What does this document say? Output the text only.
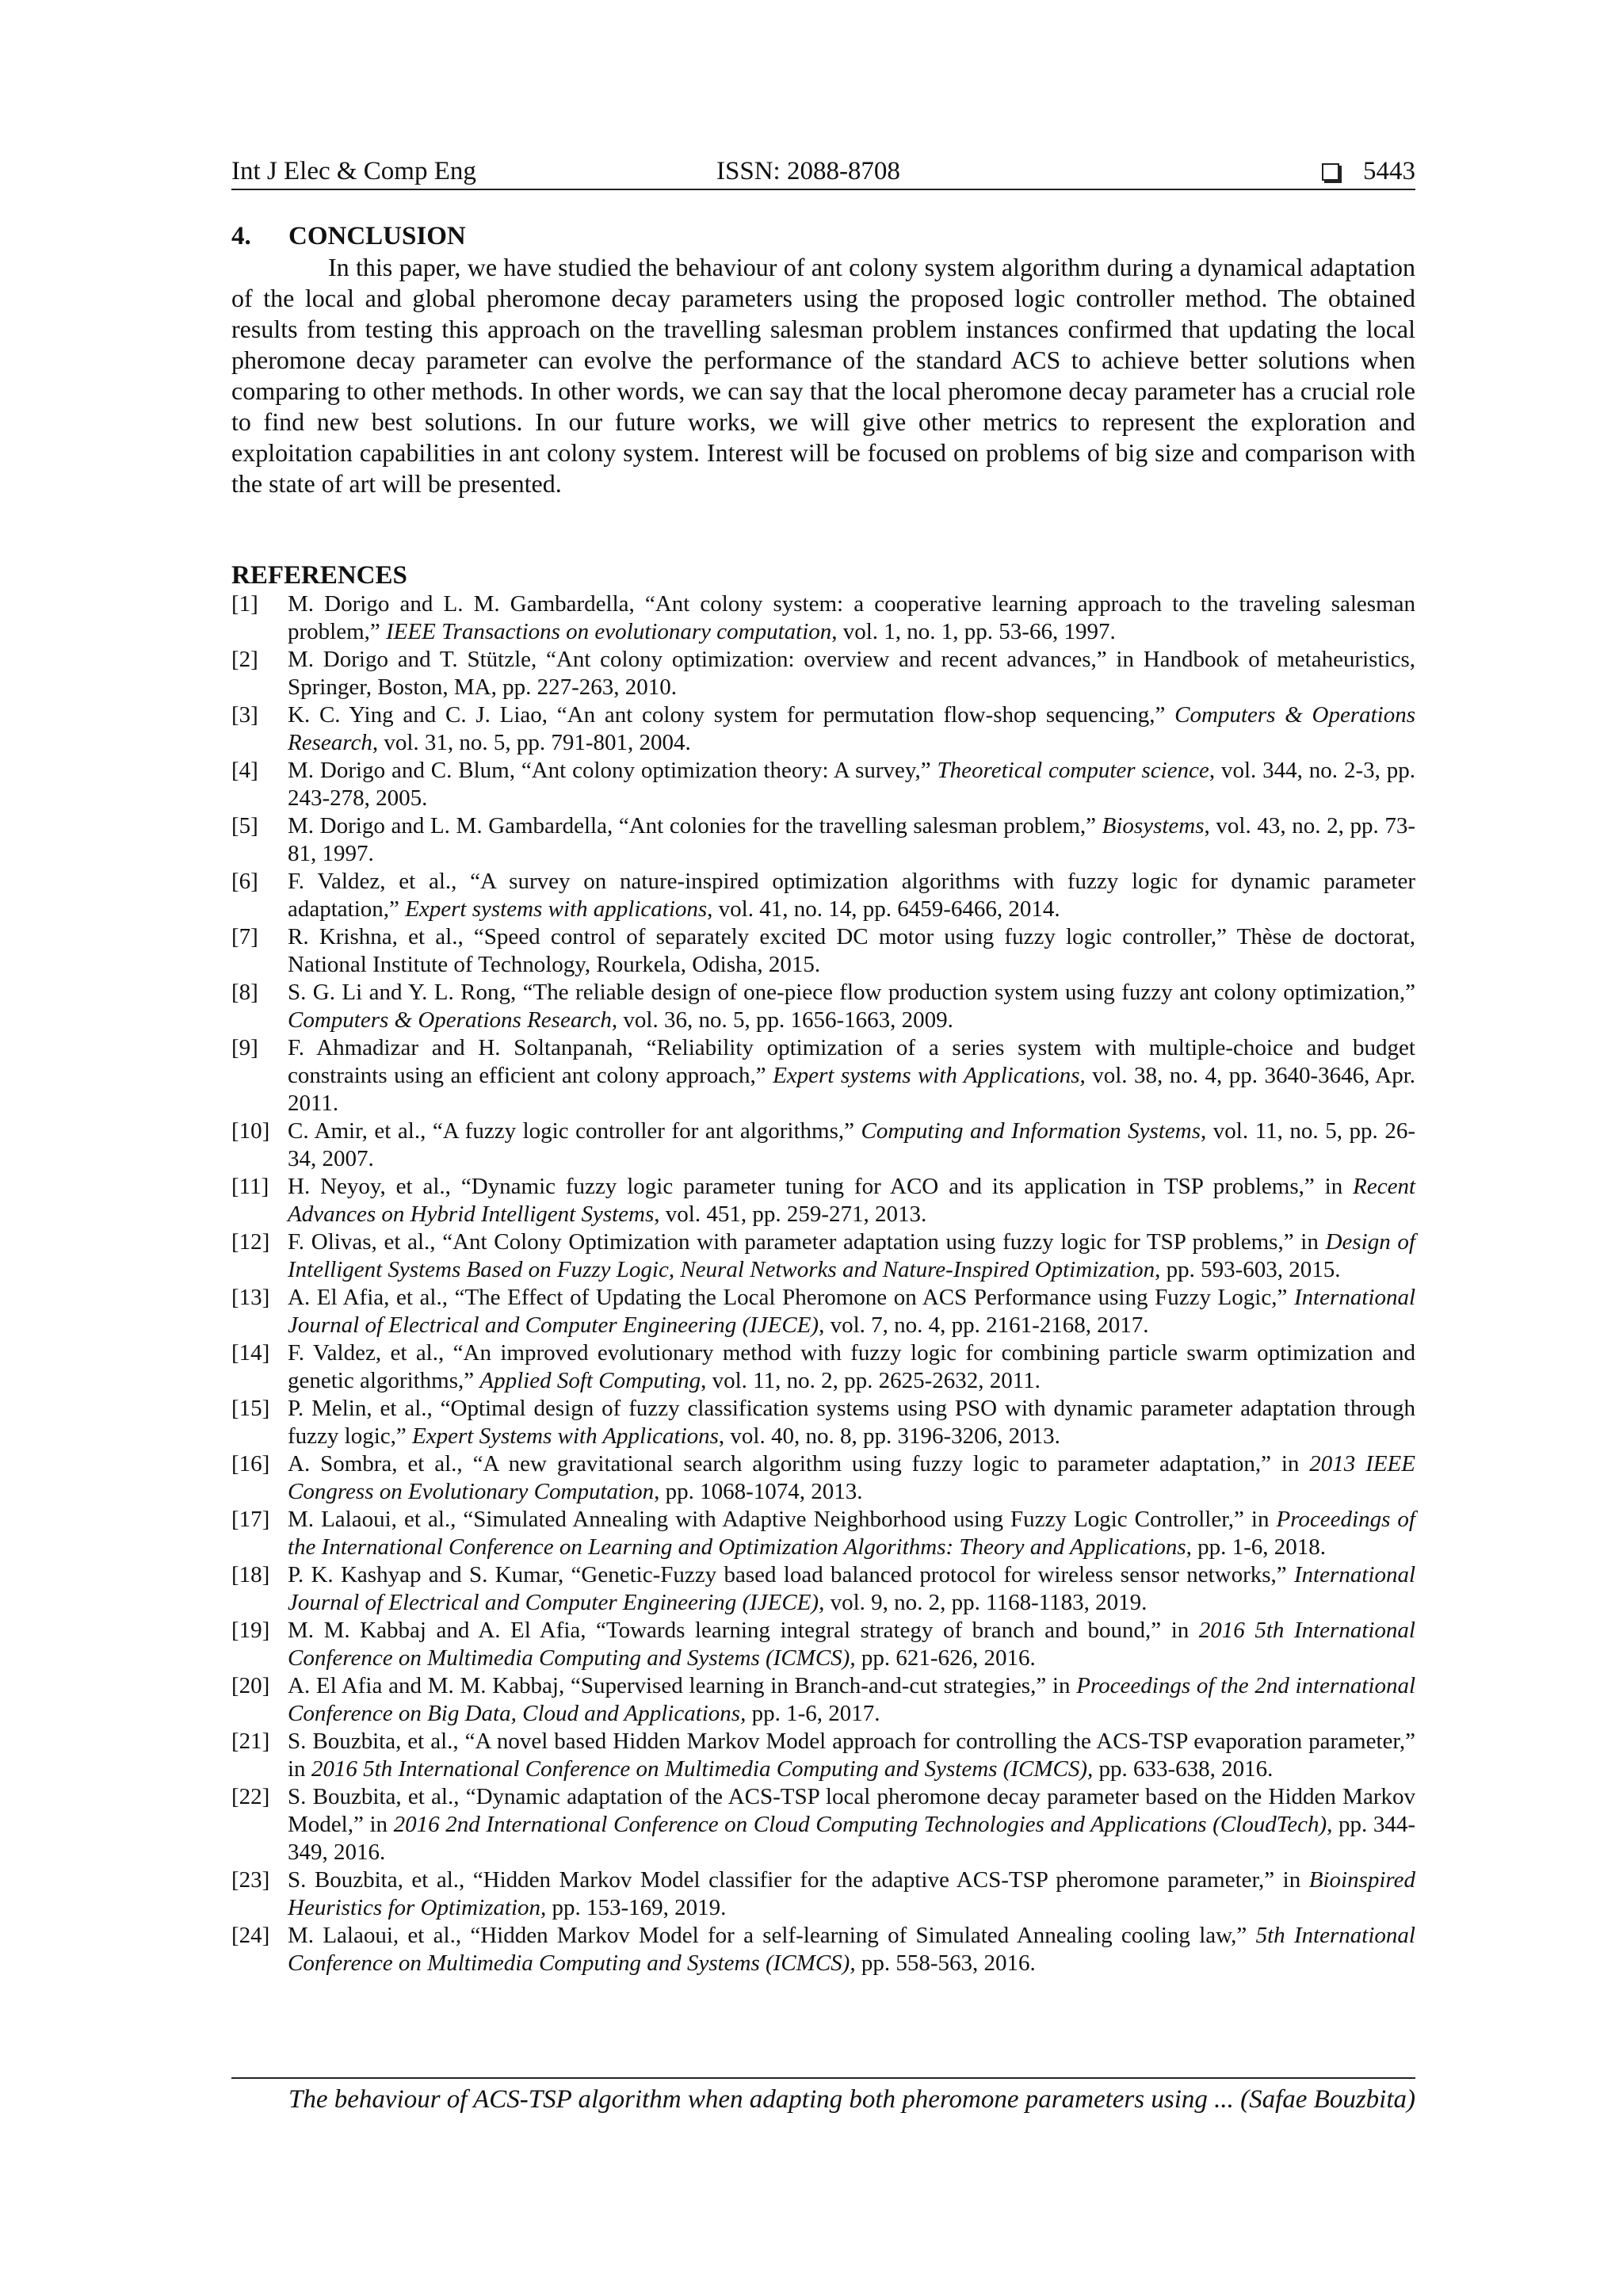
Int J Elec & Comp Eng	ISSN: 2088-8708	5443
4. CONCLUSION

In this paper, we have studied the behaviour of ant colony system algorithm during a dynamical adaptation of the local and global pheromone decay parameters using the proposed logic controller method. The obtained results from testing this approach on the travelling salesman problem instances confirmed that updating the local pheromone decay parameter can evolve the performance of the standard ACS to achieve better solutions when comparing to other methods. In other words, we can say that the local pheromone decay parameter has a crucial role to find new best solutions. In our future works, we will give other metrics to represent the exploration and exploitation capabilities in ant colony system. Interest will be focused on problems of big size and comparison with the state of art will be presented.

REFERENCES
[1] M. Dorigo and L. M. Gambardella, “Ant colony system: a cooperative learning approach to the traveling salesman problem,” IEEE Transactions on evolutionary computation, vol. 1, no. 1, pp. 53-66, 1997.
[2] M. Dorigo and T. Stützle, “Ant colony optimization: overview and recent advances,” in Handbook of metaheuristics, Springer, Boston, MA, pp. 227-263, 2010.
[3] K. C. Ying and C. J. Liao, “An ant colony system for permutation flow-shop sequencing,” Computers & Operations Research, vol. 31, no. 5, pp. 791-801, 2004.
[4] M. Dorigo and C. Blum, “Ant colony optimization theory: A survey,” Theoretical computer science, vol. 344, no. 2-3, pp. 243-278, 2005.
[5] M. Dorigo and L. M. Gambardella, “Ant colonies for the travelling salesman problem,” Biosystems, vol. 43, no. 2, pp. 73-81, 1997.
[6] F. Valdez, et al., “A survey on nature-inspired optimization algorithms with fuzzy logic for dynamic parameter adaptation,” Expert systems with applications, vol. 41, no. 14, pp. 6459-6466, 2014.
[7] R. Krishna, et al., “Speed control of separately excited DC motor using fuzzy logic controller,” Thèse de doctorat, National Institute of Technology, Rourkela, Odisha, 2015.
[8] S. G. Li and Y. L. Rong, “The reliable design of one-piece flow production system using fuzzy ant colony optimization,” Computers & Operations Research, vol. 36, no. 5, pp. 1656-1663, 2009.
[9] F. Ahmadizar and H. Soltanpanah, “Reliability optimization of a series system with multiple-choice and budget constraints using an efficient ant colony approach,” Expert systems with Applications, vol. 38, no. 4, pp. 3640-3646, Apr. 2011.
[10] C. Amir, et al., “A fuzzy logic controller for ant algorithms,” Computing and Information Systems, vol. 11, no. 5, pp. 26-34, 2007.
[11] H. Neyoy, et al., “Dynamic fuzzy logic parameter tuning for ACO and its application in TSP problems,” in Recent Advances on Hybrid Intelligent Systems, vol. 451, pp. 259-271, 2013.
[12] F. Olivas, et al., “Ant Colony Optimization with parameter adaptation using fuzzy logic for TSP problems,” in Design of Intelligent Systems Based on Fuzzy Logic, Neural Networks and Nature-Inspired Optimization, pp. 593-603, 2015.
[13] A. El Afia, et al., “The Effect of Updating the Local Pheromone on ACS Performance using Fuzzy Logic,” International Journal of Electrical and Computer Engineering (IJECE), vol. 7, no. 4, pp. 2161-2168, 2017.
[14] F. Valdez, et al., “An improved evolutionary method with fuzzy logic for combining particle swarm optimization and genetic algorithms,” Applied Soft Computing, vol. 11, no. 2, pp. 2625-2632, 2011.
[15] P. Melin, et al., “Optimal design of fuzzy classification systems using PSO with dynamic parameter adaptation through fuzzy logic,” Expert Systems with Applications, vol. 40, no. 8, pp. 3196-3206, 2013.
[16] A. Sombra, et al., “A new gravitational search algorithm using fuzzy logic to parameter adaptation,” in 2013 IEEE Congress on Evolutionary Computation, pp. 1068-1074, 2013.
[17] M. Lalaoui, et al., “Simulated Annealing with Adaptive Neighborhood using Fuzzy Logic Controller,” in Proceedings of the International Conference on Learning and Optimization Algorithms: Theory and Applications, pp. 1-6, 2018.
[18] P. K. Kashyap and S. Kumar, “Genetic-Fuzzy based load balanced protocol for wireless sensor networks,” International Journal of Electrical and Computer Engineering (IJECE), vol. 9, no. 2, pp. 1168-1183, 2019.
[19] M. M. Kabbaj and A. El Afia, “Towards learning integral strategy of branch and bound,” in 2016 5th International Conference on Multimedia Computing and Systems (ICMCS), pp. 621-626, 2016.
[20] A. El Afia and M. M. Kabbaj, “Supervised learning in Branch-and-cut strategies,” in Proceedings of the 2nd international Conference on Big Data, Cloud and Applications, pp. 1-6, 2017.
[21] S. Bouzbita, et al., “A novel based Hidden Markov Model approach for controlling the ACS-TSP evaporation parameter,” in 2016 5th International Conference on Multimedia Computing and Systems (ICMCS), pp. 633-638, 2016.
[22] S. Bouzbita, et al., “Dynamic adaptation of the ACS-TSP local pheromone decay parameter based on the Hidden Markov Model,” in 2016 2nd International Conference on Cloud Computing Technologies and Applications (CloudTech), pp. 344-349, 2016.
[23] S. Bouzbita, et al., “Hidden Markov Model classifier for the adaptive ACS-TSP pheromone parameter,” in Bioinspired Heuristics for Optimization, pp. 153-169, 2019.
[24] M. Lalaoui, et al., “Hidden Markov Model for a self-learning of Simulated Annealing cooling law,” 5th International Conference on Multimedia Computing and Systems (ICMCS), pp. 558-563, 2016.
The behaviour of ACS-TSP algorithm when adapting both pheromone parameters using ... (Safae Bouzbita)
